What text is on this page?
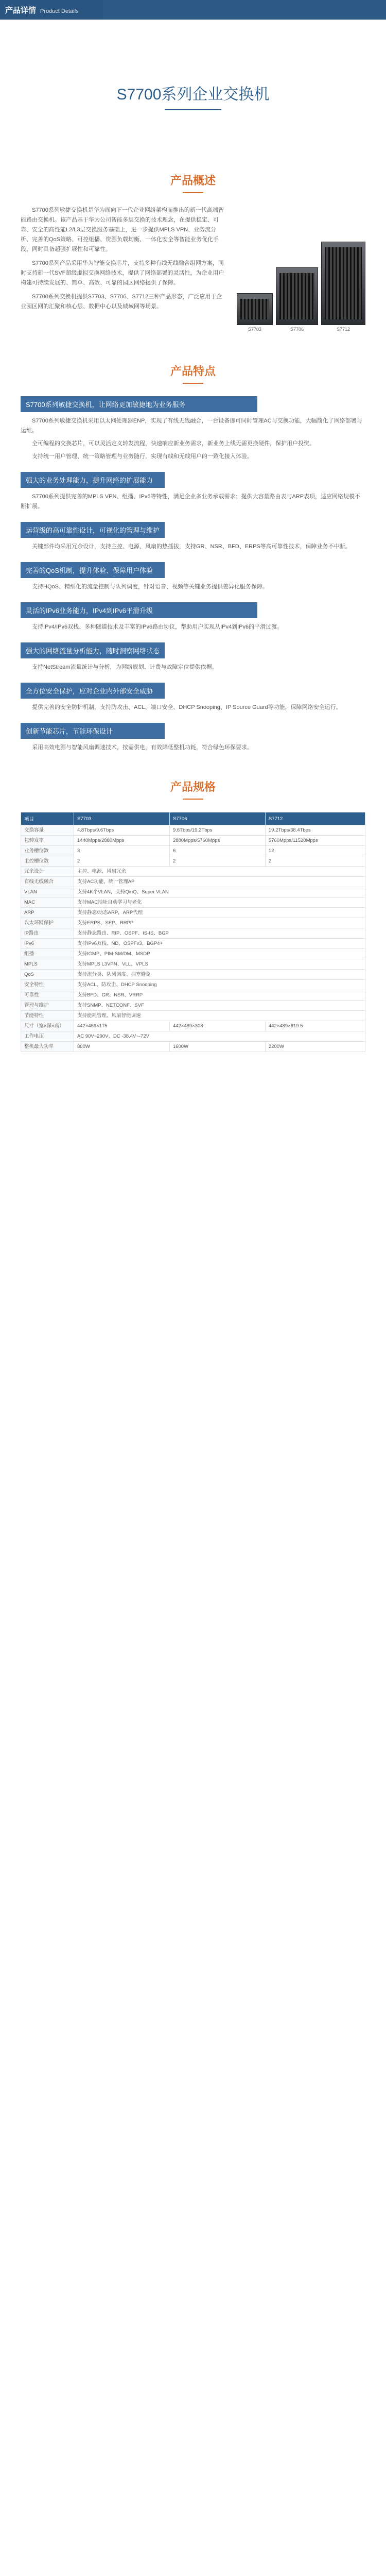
产品详情 Product Details
S7700系列企业交换机
产品概述

S7700系列敏捷交换机是华为面向下一代企业网络架构而推出的新一代高端智能路由交换机。该产品基于华为公司智能多层交换的技术理念，在提供稳定、可靠、安全的高性能L2/L3层交换服务基础上，进一步提供MPLS VPN、业务流分析、完善的QoS策略、可控组播、资源负载均衡、一体化安全等智能业务优化手段，同时具备超强扩展性和可靠性。

S7700系列产品采用华为智能交换芯片，支持多种有线无线融合组网方案，同时支持新一代SVF超级虚拟交换网络技术，提供了网络部署的灵活性，为企业用户构建可持续发展的、简单、高效、可靠的园区网络提供了保障。

S7700系列交换机提供S7703、S7706、S7712三种产品形态，广泛应用于企业园区网的汇聚和核心层、数据中心以及城域网等场景。

S7703	S7706	S7712
产品特点
S7700系列敏捷交换机，让网络更加敏捷地为业务服务

S7700系列敏捷交换机采用以太网处理器ENP，实现了有线无线融合，一台设备即可同时管理AC与交换功能，大幅简化了网络部署与运维。

全可编程的交换芯片，可以灵活定义转发流程，快速响应新业务需求，新业务上线无需更换硬件，保护用户投资。

支持统一用户管理、统一策略管理与业务随行，实现有线和无线用户的一致化接入体验。

强大的业务处理能力，提升网络的扩展能力

S7700系列提供完善的MPLS VPN、组播、IPv6等特性，满足企业多业务承载需求；提供大容量路由表与ARP表项，适应网络规模不断扩展。

运营级的高可靠性设计，可视化的管理与维护

关键部件均采用冗余设计，支持主控、电源、风扇的热插拔，支持GR、NSR、BFD、ERPS等高可靠性技术，保障业务不中断。

完善的QoS机制，提升体验、保障用户体验

支持HQoS、精细化的流量控制与队列调度，针对语音、视频等关键业务提供差异化服务保障。

灵活的IPv6业务能力，IPv4到IPv6平滑升级

支持IPv4/IPv6双栈、多种隧道技术及丰富的IPv6路由协议，帮助用户实现从IPv4到IPv6的平滑过渡。

强大的网络流量分析能力，随时洞察网络状态

支持NetStream流量统计与分析，为网络规划、计费与故障定位提供依据。

全方位安全保护，应对企业内外部安全威胁

提供完善的安全防护机制，支持防攻击、ACL、端口安全、DHCP Snooping、IP Source Guard等功能，保障网络安全运行。

创新节能芯片，节能环保设计

采用高效电源与智能风扇调速技术，按需供电，有效降低整机功耗，符合绿色环保要求。

产品规格
项目	S7703	S7706	S7712
交换容量	4.8Tbps/9.6Tbps	9.6Tbps/19.2Tbps	19.2Tbps/38.4Tbps
包转发率	1440Mpps/2880Mpps	2880Mpps/5760Mpps	5760Mpps/11520Mpps
业务槽位数	3	6	12
主控槽位数	2	2	2
冗余设计	主控、电源、风扇冗余		
有线无线融合	支持AC功能，统一管理AP		
VLAN	支持4K个VLAN，支持QinQ、Super VLAN		
MAC	支持MAC地址自动学习与老化		
ARP	支持静态/动态ARP，ARP代理		
以太环网保护	支持ERPS、SEP、RRPP		
IP路由	支持静态路由、RIP、OSPF、IS-IS、BGP		
IPv6	支持IPv6双栈、ND、OSPFv3、BGP4+		
组播	支持IGMP、PIM-SM/DM、MSDP		
MPLS	支持MPLS L3VPN、VLL、VPLS		
QoS	支持流分类、队列调度、拥塞避免		
安全特性	支持ACL、防攻击、DHCP Snooping		
可靠性	支持BFD、GR、NSR、VRRP		
管理与维护	支持SNMP、NETCONF、SVF		
节能特性	支持能耗管理、风扇智能调速		
尺寸（宽×深×高）	442×489×175	442×489×308	442×489×619.5
工作电压	AC 90V~290V，DC -38.4V~-72V		
整机最大功率	800W	1600W	2200W
